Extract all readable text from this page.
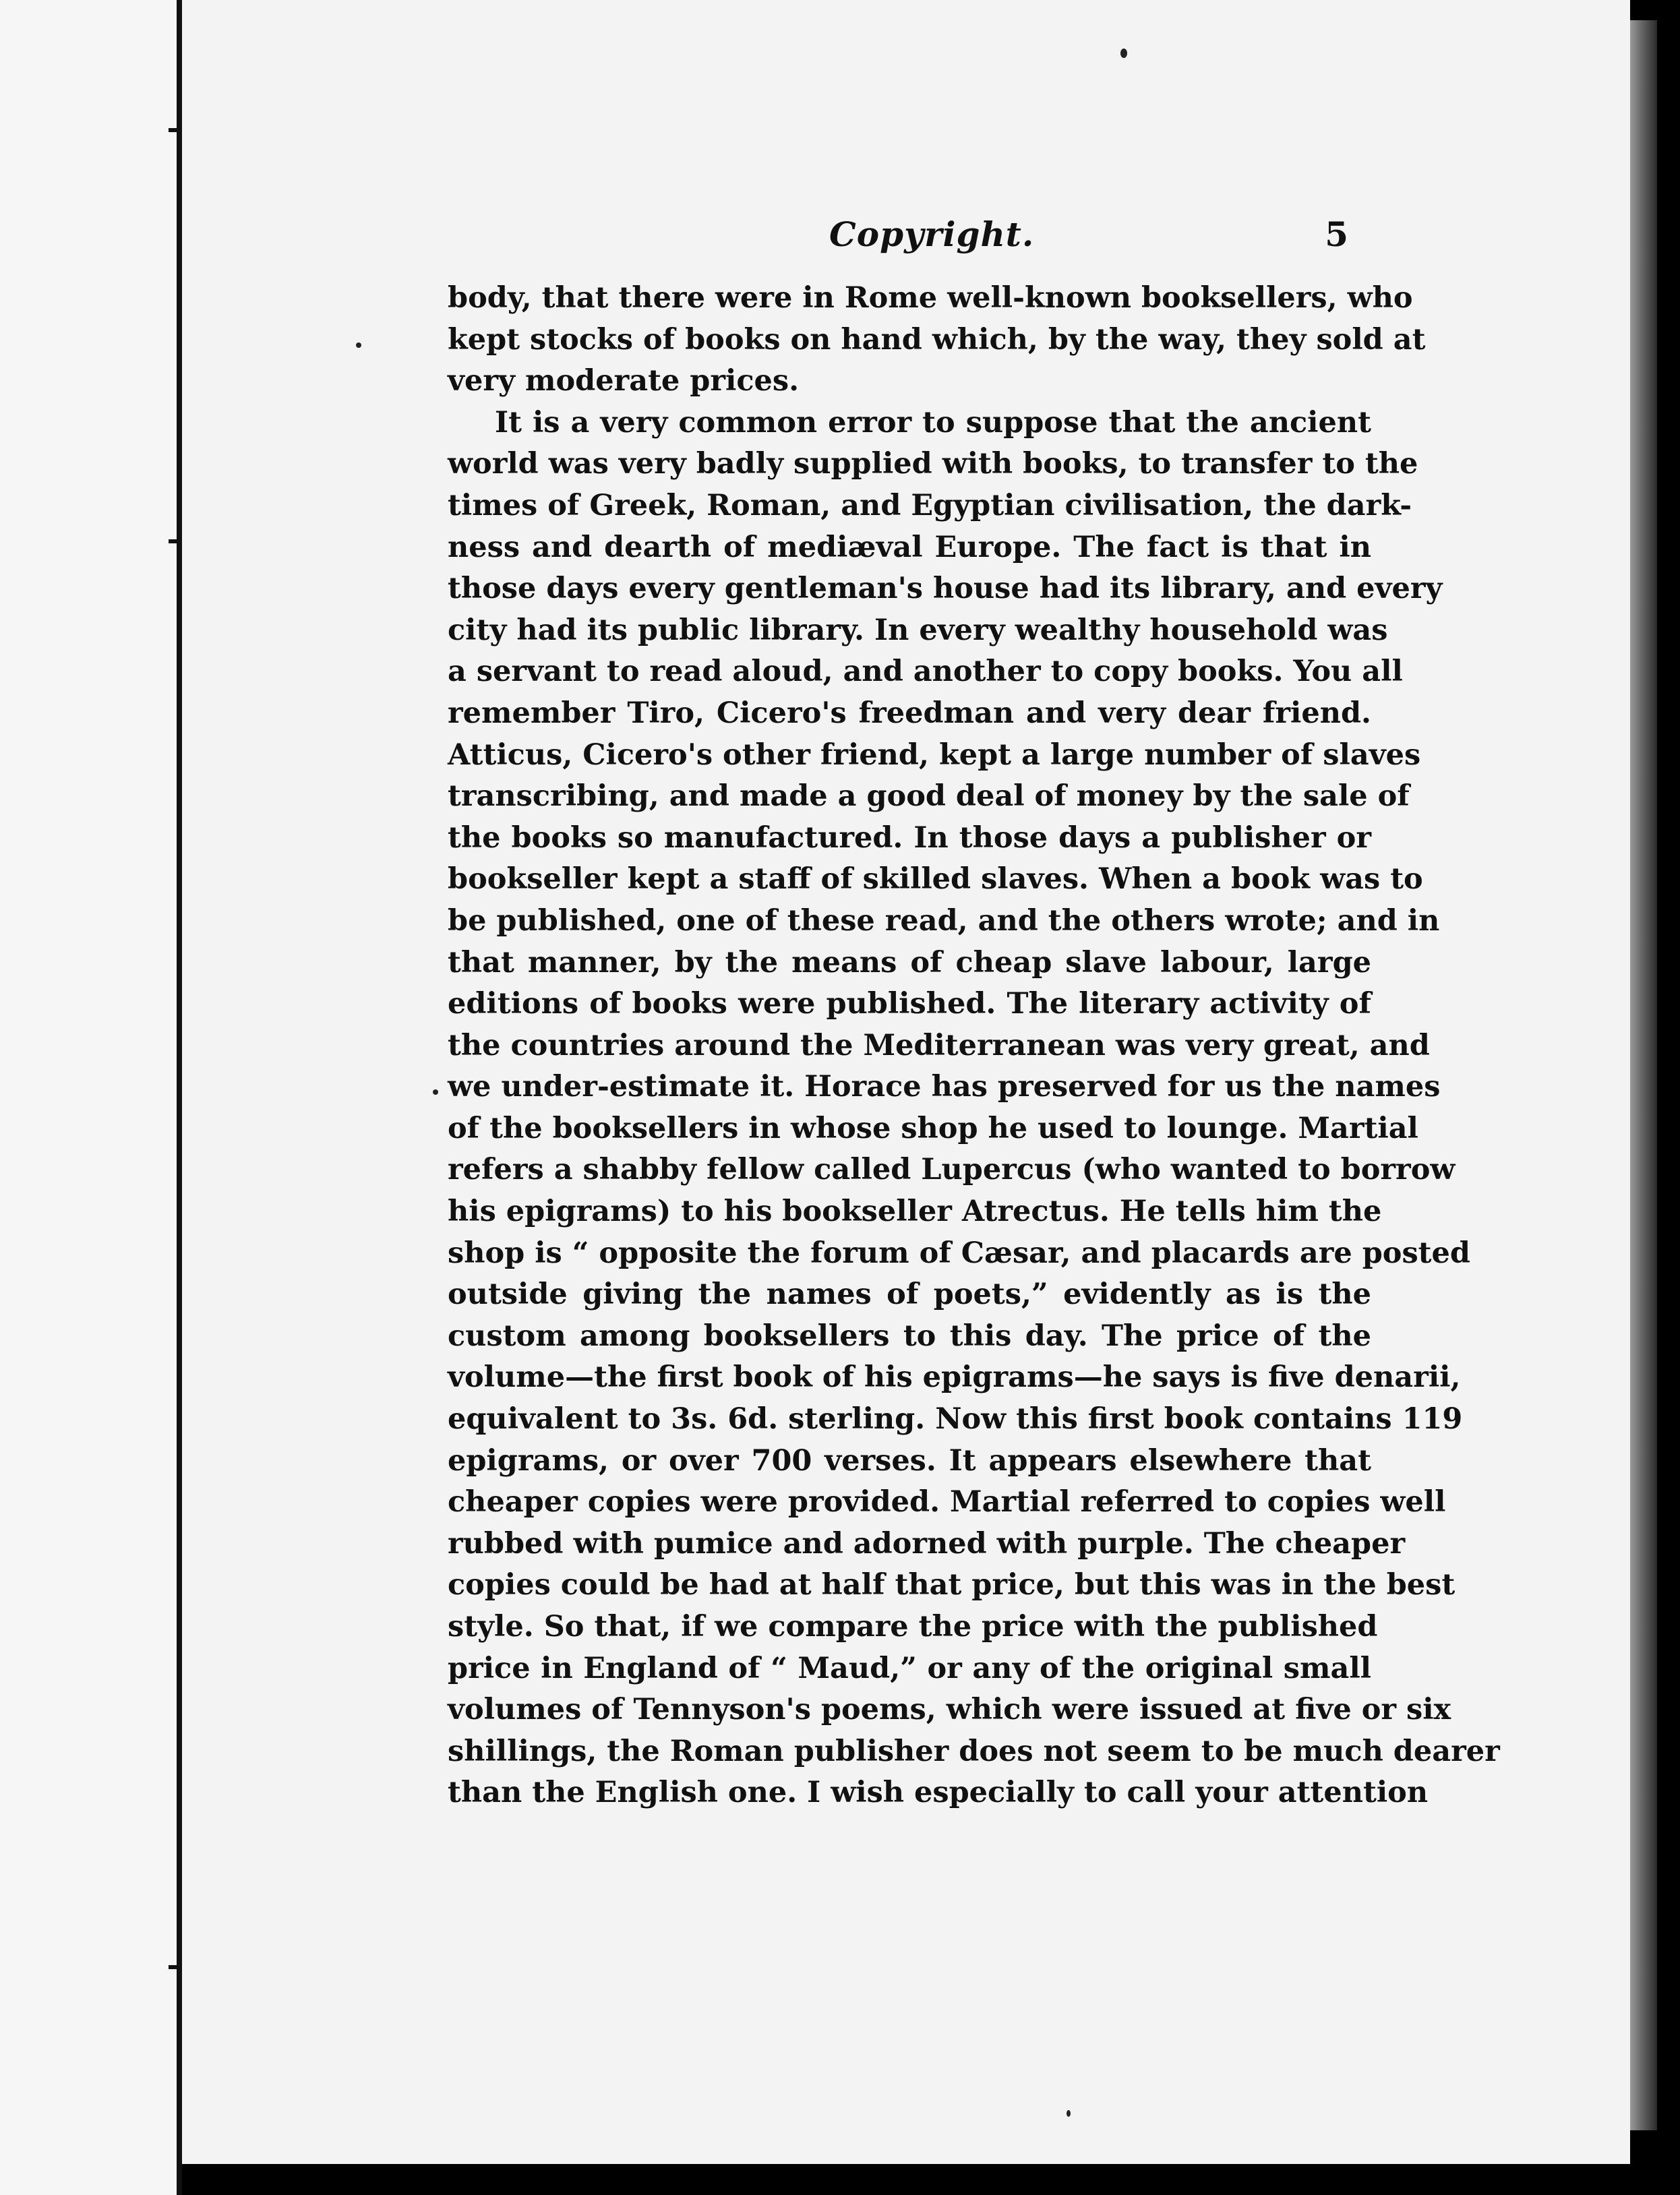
Copyright.	5
body, that there were in Rome well-known booksellers, who
kept stocks of books on hand which, by the way, they sold at
very moderate prices.
It is a very common error to suppose that the ancient
world was very badly supplied with books, to transfer to the
times of Greek, Roman, and Egyptian civilisation, the dark-
ness and dearth of mediæval Europe. The fact is that in
those days every gentleman's house had its library, and every
city had its public library. In every wealthy household was
a servant to read aloud, and another to copy books. You all
remember Tiro, Cicero's freedman and very dear friend.
Atticus, Cicero's other friend, kept a large number of slaves
transcribing, and made a good deal of money by the sale of
the books so manufactured. In those days a publisher or
bookseller kept a staff of skilled slaves. When a book was to
be published, one of these read, and the others wrote; and in
that manner, by the means of cheap slave labour, large
editions of books were published. The literary activity of
the countries around the Mediterranean was very great, and
we under-estimate it. Horace has preserved for us the names
of the booksellers in whose shop he used to lounge. Martial
refers a shabby fellow called Lupercus (who wanted to borrow
his epigrams) to his bookseller Atrectus. He tells him the
shop is “ opposite the forum of Cæsar, and placards are posted
outside giving the names of poets,” evidently as is the
custom among booksellers to this day. The price of the
volume—the first book of his epigrams—he says is five denarii,
equivalent to 3s. 6d. sterling. Now this first book contains 119
epigrams, or over 700 verses. It appears elsewhere that
cheaper copies were provided. Martial referred to copies well
rubbed with pumice and adorned with purple. The cheaper
copies could be had at half that price, but this was in the best
style. So that, if we compare the price with the published
price in England of “ Maud,” or any of the original small
volumes of Tennyson's poems, which were issued at five or six
shillings, the Roman publisher does not seem to be much dearer
than the English one. I wish especially to call your attention
